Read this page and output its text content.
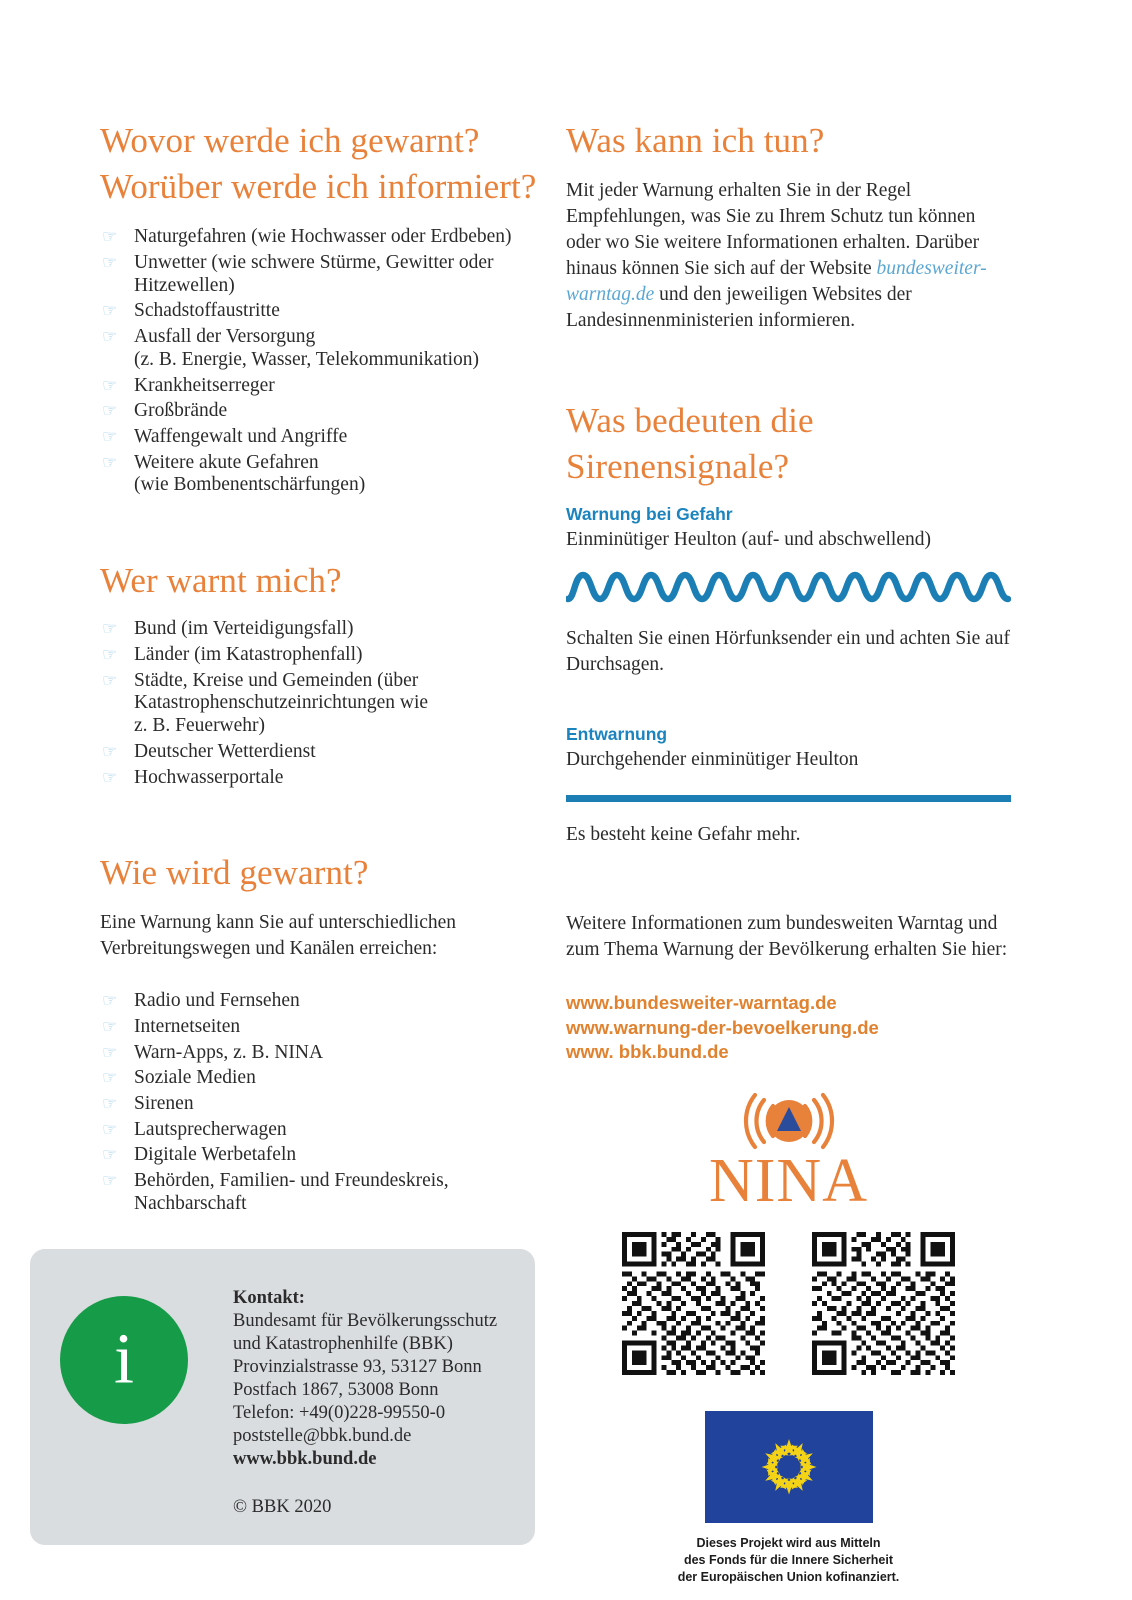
Wovor werde ich gewarnt? Worüber werde ich informiert?
☞ Naturgefahren (wie Hochwasser oder Erdbeben)
☞ Unwetter (wie schwere Stürme, Gewitter oder
Hitzewellen)
☞ Schadstoffaustritte
☞ Ausfall der Versorgung
(z. B. Energie, Wasser, Telekommunikation)
☞ Krankheitserreger
☞ Großbrände
☞ Waffengewalt und Angriffe
☞ Weitere akute Gefahren
(wie Bombenentschärfungen)
Wer warnt mich?
☞ Bund (im Verteidigungsfall)
☞ Länder (im Katastrophenfall)
☞ Städte, Kreise und Gemeinden (über
Katastrophenschutzeinrichtungen wie
z. B. Feuerwehr)
☞ Deutscher Wetterdienst
☞ Hochwasserportale
Wie wird gewarnt?

Eine Warnung kann Sie auf unterschiedlichen Verbreitungswegen und Kanälen erreichen:

☞ Radio und Fernsehen
☞ Internetseiten
☞ Warn-Apps, z. B. NINA
☞ Soziale Medien
☞ Sirenen
☞ Lautsprecherwagen
☞ Digitale Werbetafeln
☞ Behörden, Familien- und Freundeskreis,
Nachbarschaft
Was kann ich tun?

Mit jeder Warnung erhalten Sie in der Regel Empfehlungen, was Sie zu Ihrem Schutz tun können oder wo Sie weitere Informationen erhalten. Darüber hinaus können Sie sich auf der Website bundesweiter-warntag.de und den jeweiligen Websites der Landesinnenministerien informieren.

Was bedeuten die Sirenensignale?
Warnung bei Gefahr

Einminütiger Heulton (auf- und abschwellend)

Schalten Sie einen Hörfunksender ein und achten Sie auf Durchsagen.

Entwarnung

Durchgehender einminütiger Heulton

Es besteht keine Gefahr mehr.

Weitere Informationen zum bundesweiten Warntag und zum Thema Warnung der Bevölkerung erhalten Sie hier:

www.bundesweiter-warntag.de
www.warnung-der-bevoelkerung.de
www. bbk.bund.de
NINA
Dieses Projekt wird aus Mitteln
des Fonds für die Innere Sicherheit
der Europäischen Union kofinanziert.
i
Kontakt:
Bundesamt für Bevölkerungsschutz
und Katastrophenhilfe (BBK)
Provinzialstrasse 93, 53127 Bonn
Postfach 1867, 53008 Bonn
Telefon: +49(0)228-99550-0
poststelle@bbk.bund.de
www.bbk.bund.de
© BBK 2020
